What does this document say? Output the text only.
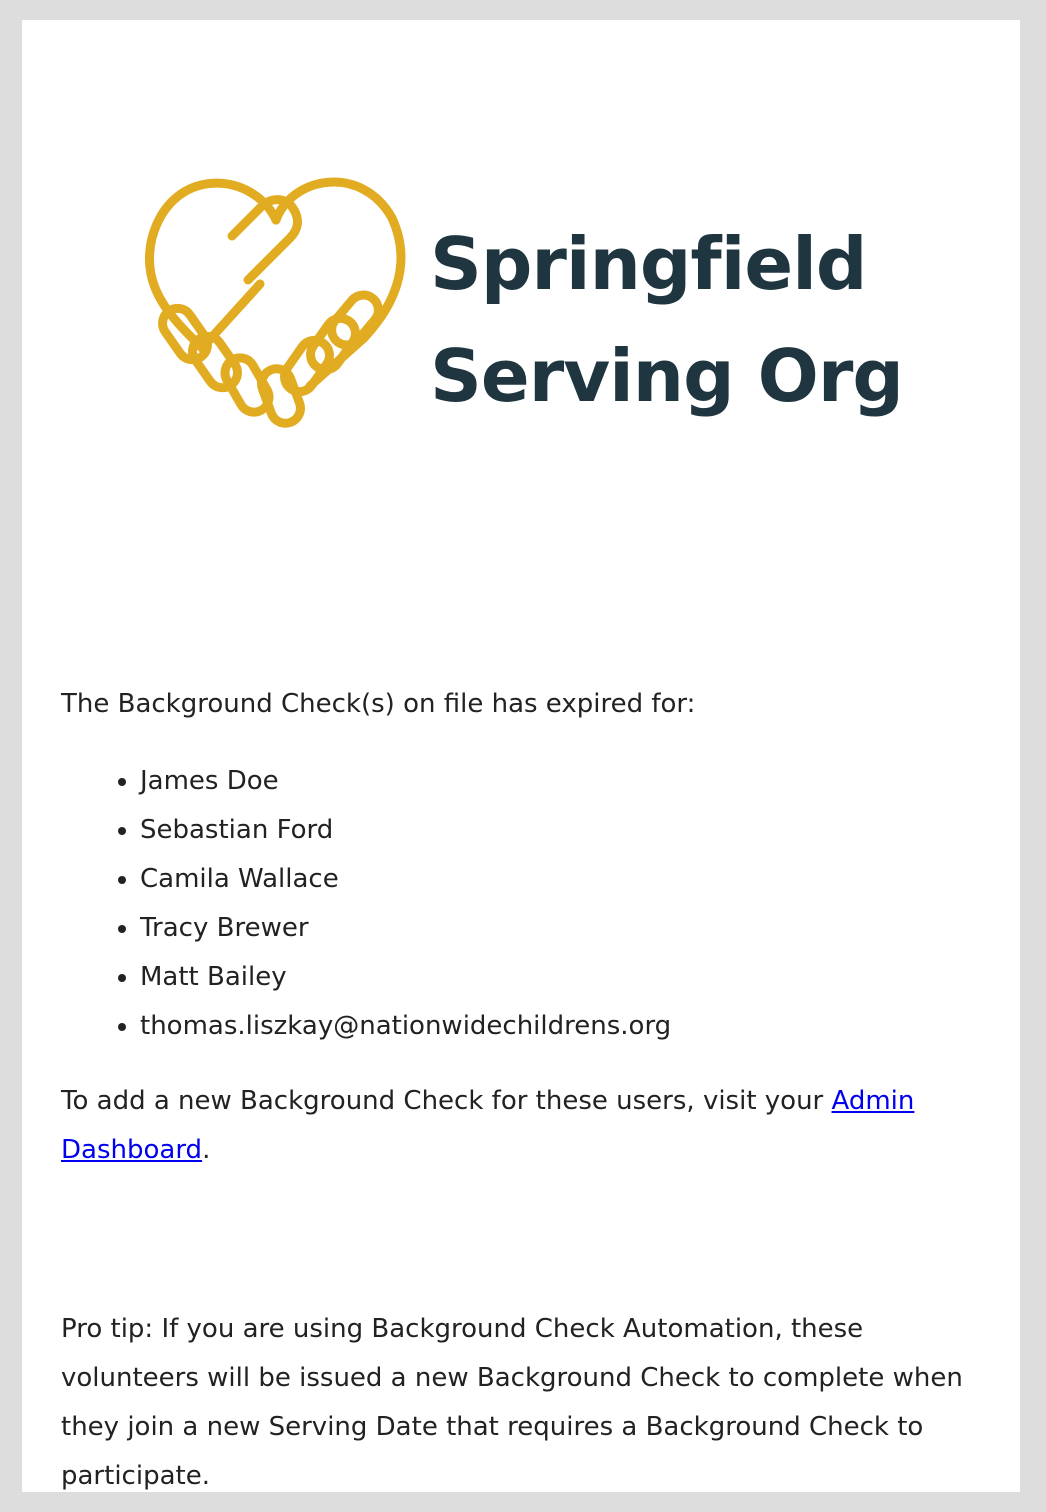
Springfield
Serving Org

The Background Check(s) on file has expired for:

• James Doe
• Sebastian Ford
• Camila Wallace
• Tracy Brewer
• Matt Bailey
• thomas.liszkay@nationwidechildrens.org

To add a new Background Check for these users, visit your Admin Dashboard.

Pro tip: If you are using Background Check Automation, these volunteers will be issued a new Background Check to complete when they join a new Serving Date that requires a Background Check to participate.
